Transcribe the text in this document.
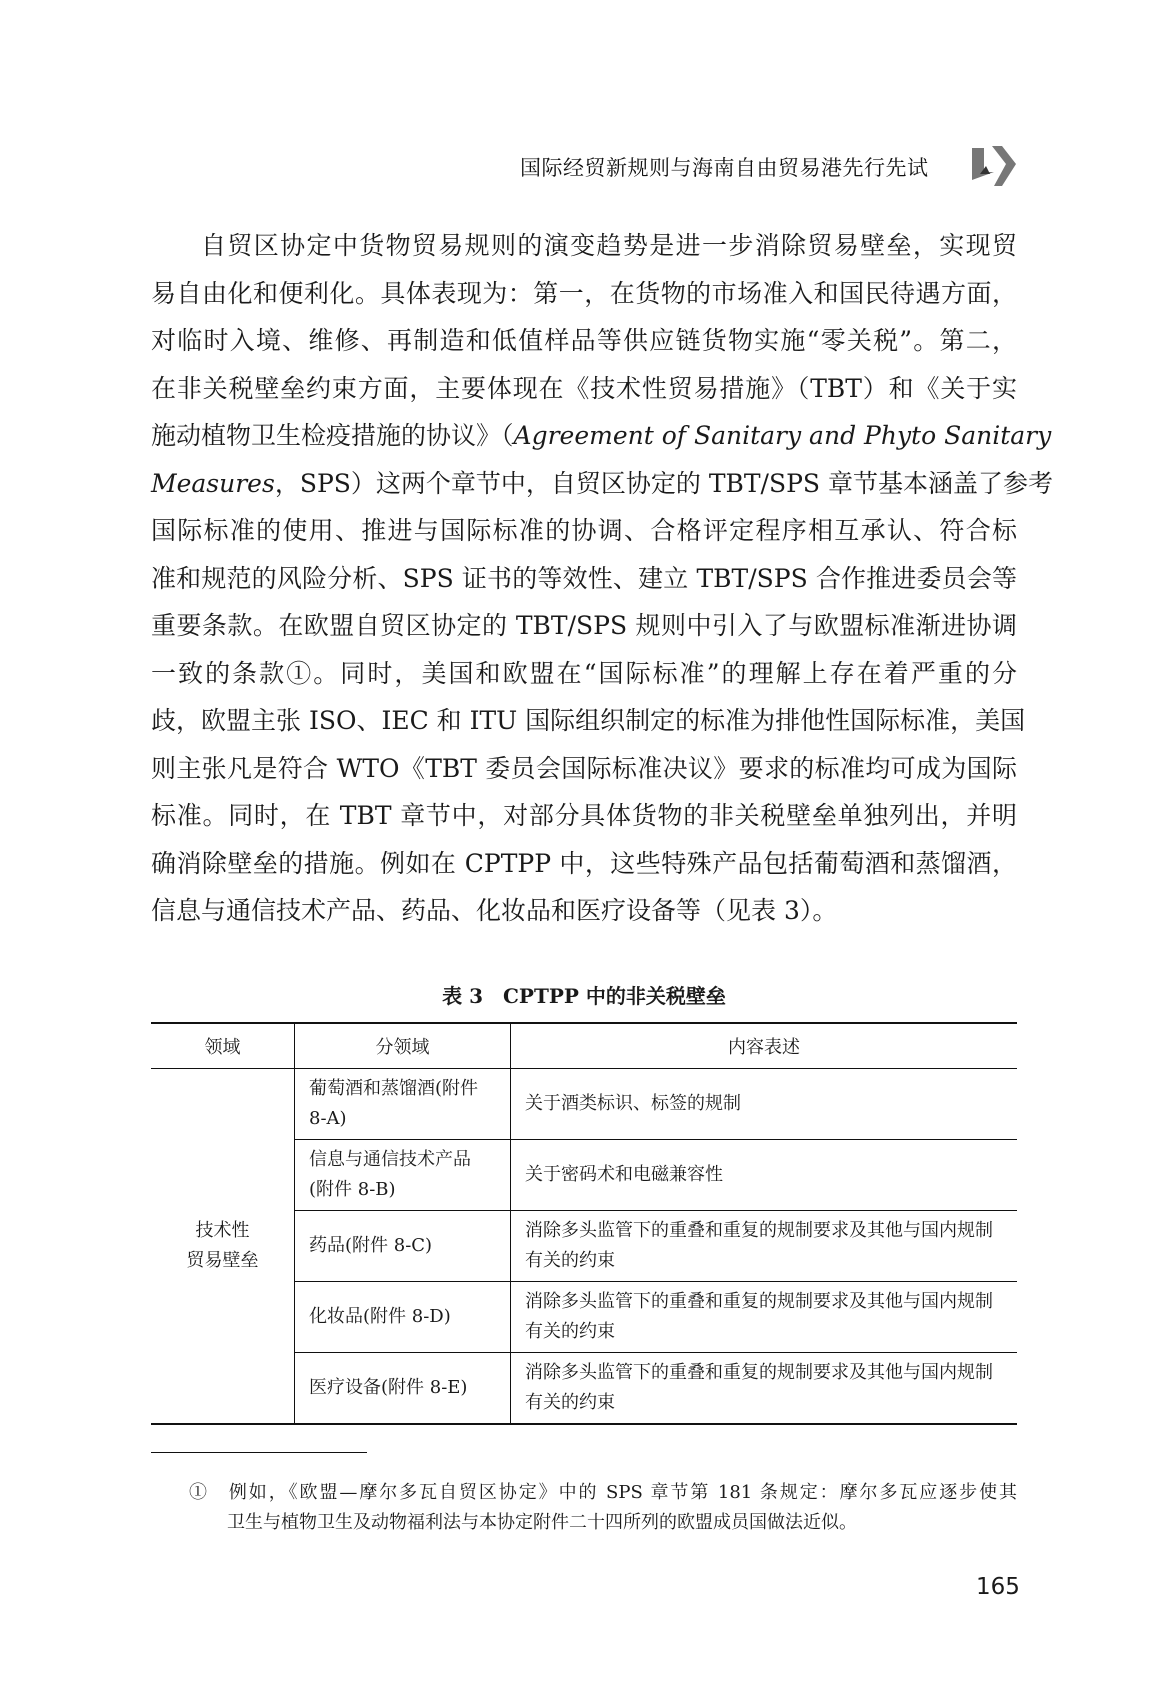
国际经贸新规则与海南自由贸易港先行先试
自贸区协定中货物贸易规则的演变趋势是进一步消除贸易壁垒，实现贸
易自由化和便利化。具体表现为：第一，在货物的市场准入和国民待遇方面，
对临时入境、维修、再制造和低值样品等供应链货物实施“零关税”。第二，
在非关税壁垒约束方面，主要体现在《技术性贸易措施》（TBT）和《关于实
施动植物卫生检疫措施的协议》（Agreement of Sanitary and Phyto Sanitary
Measures，SPS）这两个章节中，自贸区协定的 TBT/SPS 章节基本涵盖了参考
国际标准的使用、推进与国际标准的协调、合格评定程序相互承认、符合标
准和规范的风险分析、SPS 证书的等效性、建立 TBT/SPS 合作推进委员会等
重要条款。在欧盟自贸区协定的 TBT/SPS 规则中引入了与欧盟标准渐进协调
一致的条款①。同时，美国和欧盟在“国际标准”的理解上存在着严重的分
歧，欧盟主张 ISO、IEC 和 ITU 国际组织制定的标准为排他性国际标准，美国
则主张凡是符合 WTO《TBT 委员会国际标准决议》要求的标准均可成为国际
标准。同时，在 TBT 章节中，对部分具体货物的非关税壁垒单独列出，并明
确消除壁垒的措施。例如在 CPTPP 中，这些特殊产品包括葡萄酒和蒸馏酒，
信息与通信技术产品、药品、化妆品和医疗设备等（见表 3）。
表 3　CPTPP 中的非关税壁垒
领域	分领域	内容表述
技术性
贸易壁垒	葡萄酒和蒸馏酒(附件 8-A)	关于酒类标识、标签的规制
	信息与通信技术产品(附件 8-B)	关于密码术和电磁兼容性
	药品(附件 8-C)	消除多头监管下的重叠和重复的规制要求及其他与国内规制有关的约束
	化妆品(附件 8-D)	消除多头监管下的重叠和重复的规制要求及其他与国内规制有关的约束
	医疗设备(附件 8-E)	消除多头监管下的重叠和重复的规制要求及其他与国内规制有关的约束
①　例如，《欧盟—摩尔多瓦自贸区协定》中的 SPS 章节第 181 条规定：摩尔多瓦应逐步使其
卫生与植物卫生及动物福利法与本协定附件二十四所列的欧盟成员国做法近似。
165
